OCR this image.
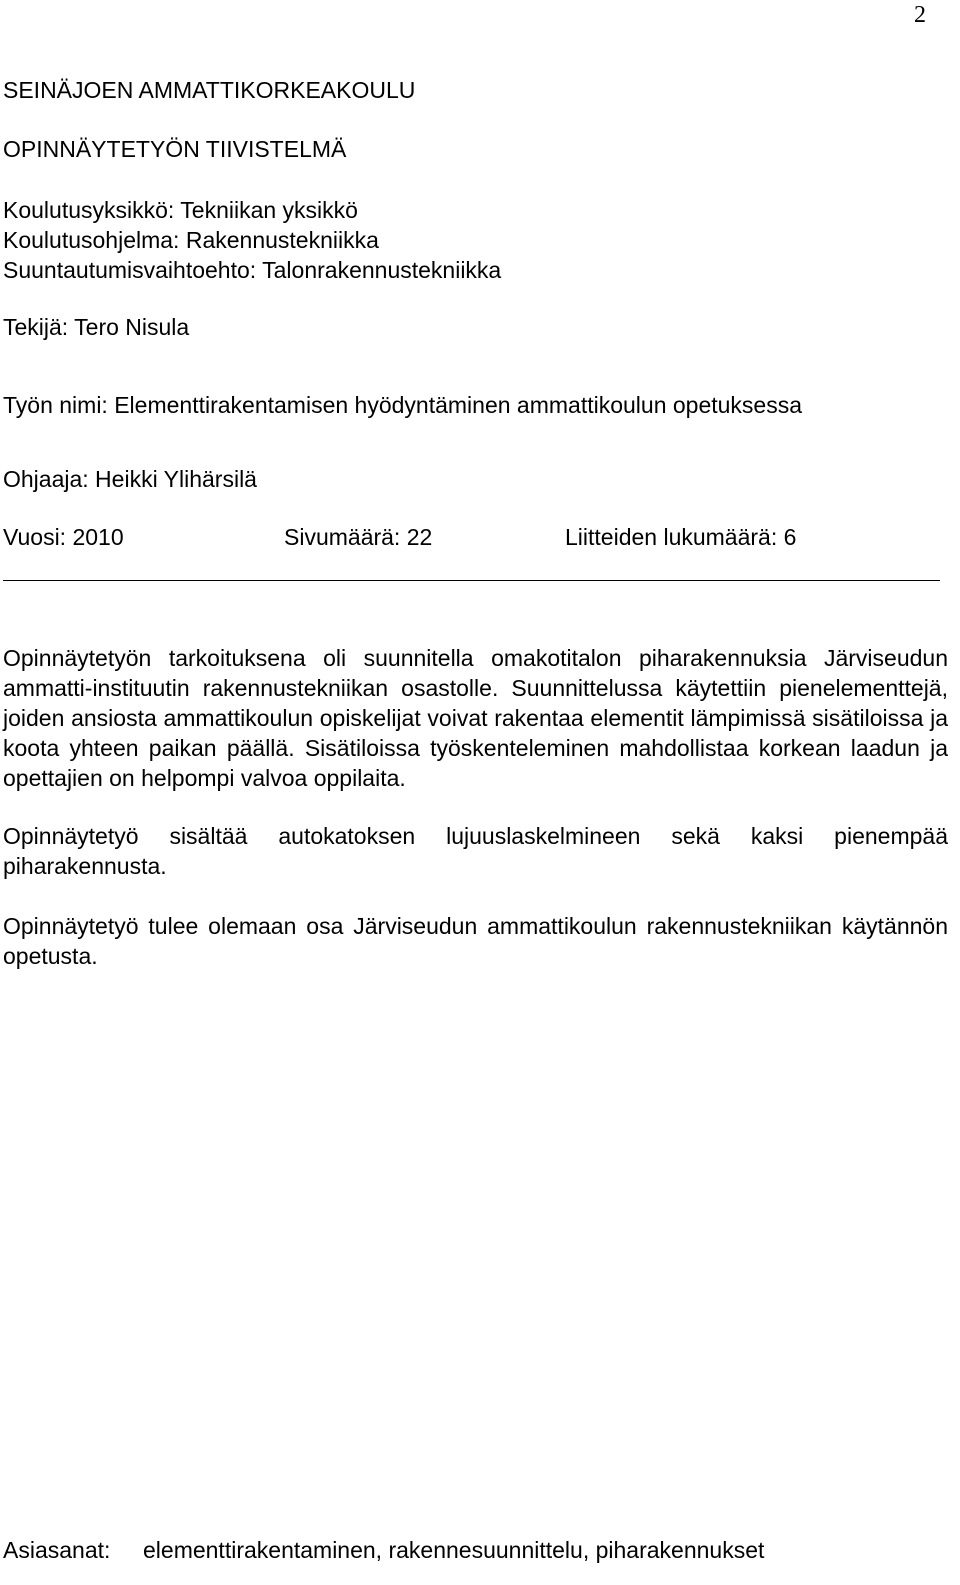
2
SEINÄJOEN AMMATTIKORKEAKOULU
OPINNÄYTETYÖN TIIVISTELMÄ
Koulutusyksikkö: Tekniikan yksikkö
Koulutusohjelma: Rakennustekniikka
Suuntautumisvaihtoehto: Talonrakennustekniikka
Tekijä: Tero Nisula
Työn nimi: Elementtirakentamisen hyödyntäminen ammattikoulun opetuksessa
Ohjaaja: Heikki Ylihärsilä
Vuosi: 2010	Sivumäärä: 22	Liitteiden lukumäärä: 6

Opinnäytetyön tarkoituksena oli suunnitella omakotitalon piharakennuksia Järviseudun ammatti-instituutin rakennustekniikan osastolle. Suunnittelussa käytettiin pienelementtejä, joiden ansiosta ammattikoulun opiskelijat voivat rakentaa elementit lämpimissä sisätiloissa ja koota yhteen paikan päällä. Sisätiloissa työskenteleminen mahdollistaa korkean laadun ja opettajien on helpompi valvoa oppilaita.

Opinnäytetyö sisältää autokatoksen lujuuslaskelmineen sekä kaksi pienempää piharakennusta.

Opinnäytetyö tulee olemaan osa Järviseudun ammattikoulun rakennustekniikan käytännön opetusta.

Asiasanat: elementtirakentaminen, rakennesuunnittelu, piharakennukset
